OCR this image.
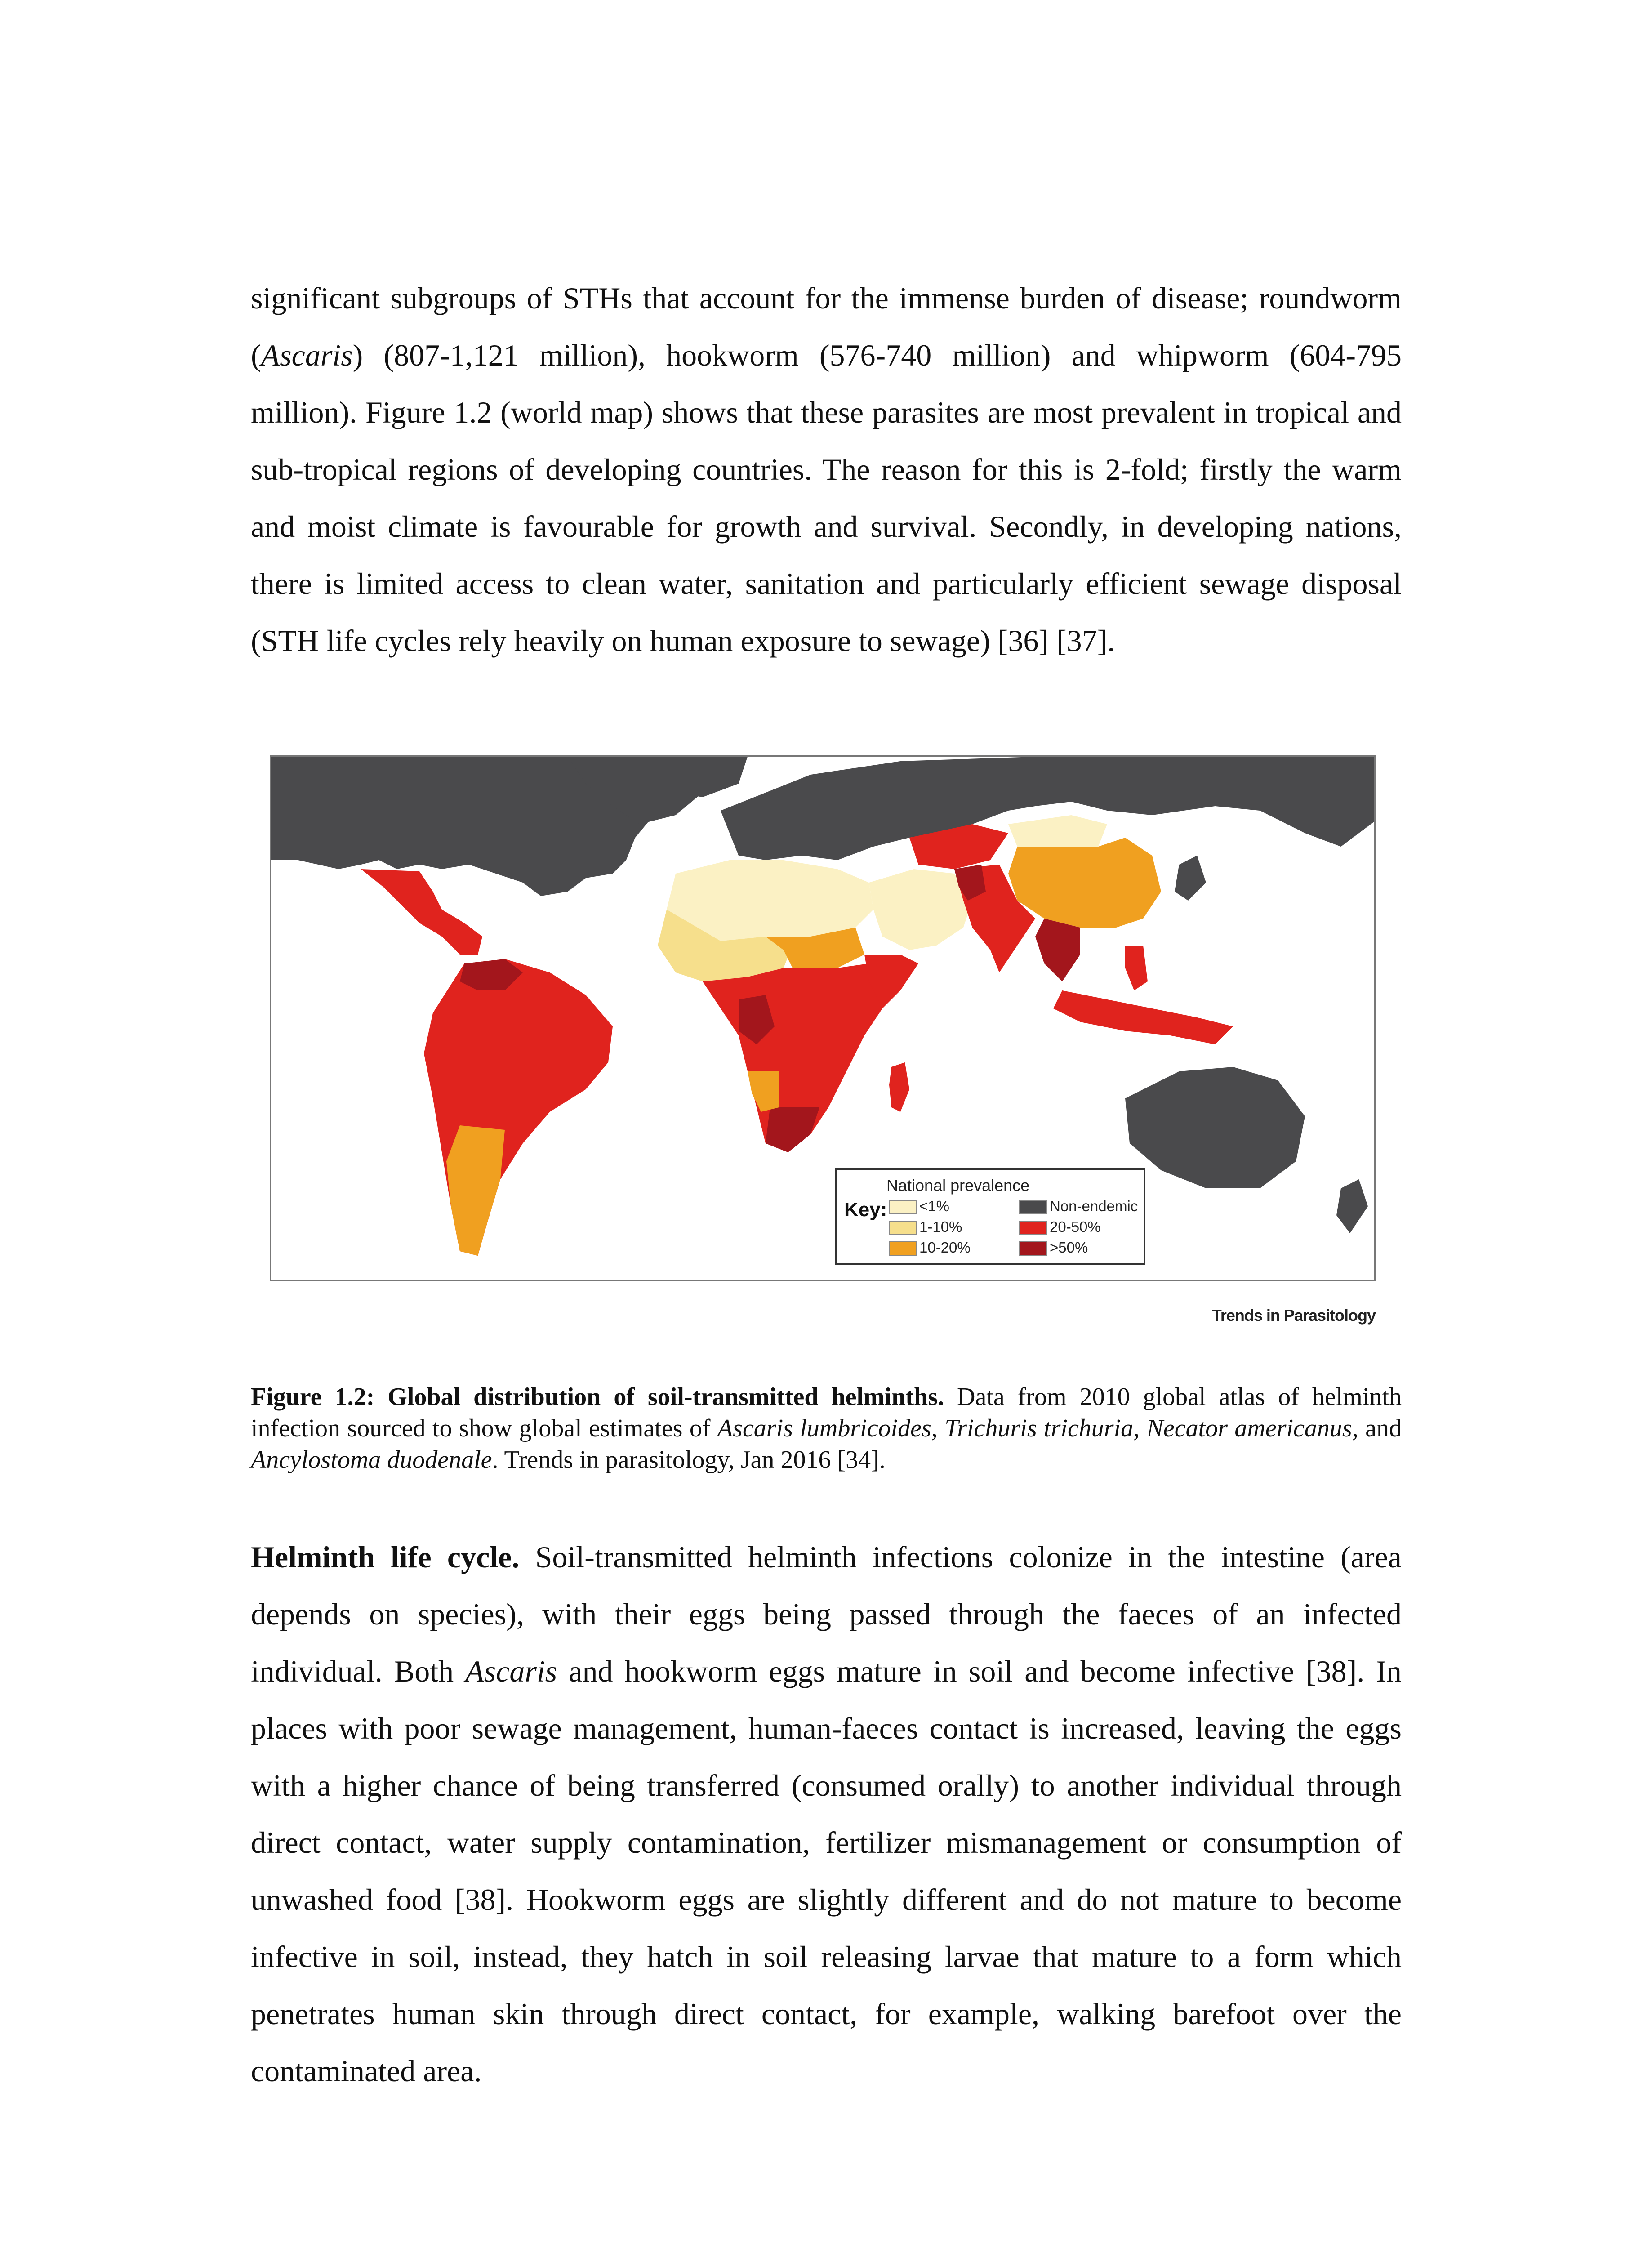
significant subgroups of STHs that account for the immense burden of disease; roundworm (Ascaris) (807-1,121 million), hookworm (576-740 million) and whipworm (604-795 million). Figure 1.2 (world map) shows that these parasites are most prevalent in tropical and sub-tropical regions of developing countries. The reason for this is 2-fold; firstly the warm and moist climate is favourable for growth and survival. Secondly, in developing nations, there is limited access to clean water, sanitation and particularly efficient sewage disposal (STH life cycles rely heavily on human exposure to sewage) [36] [37].

National prevalence
Key:	<1%
1-10%
10-20%
Non-endemic
20-50%
>50%
Trends in Parasitology

Figure 1.2: Global distribution of soil-transmitted helminths. Data from 2010 global atlas of helminth infection sourced to show global estimates of Ascaris lumbricoides, Trichuris trichuria, Necator americanus, and Ancylostoma duodenale. Trends in parasitology, Jan 2016 [34].

Helminth life cycle. Soil-transmitted helminth infections colonize in the intestine (area depends on species), with their eggs being passed through the faeces of an infected individual. Both Ascaris and hookworm eggs mature in soil and become infective [38]. In places with poor sewage management, human-faeces contact is increased, leaving the eggs with a higher chance of being transferred (consumed orally) to another individual through direct contact, water supply contamination, fertilizer mismanagement or consumption of unwashed food [38]. Hookworm eggs are slightly different and do not mature to become infective in soil, instead, they hatch in soil releasing larvae that mature to a form which penetrates human skin through direct contact, for example, walking barefoot over the contaminated area.
